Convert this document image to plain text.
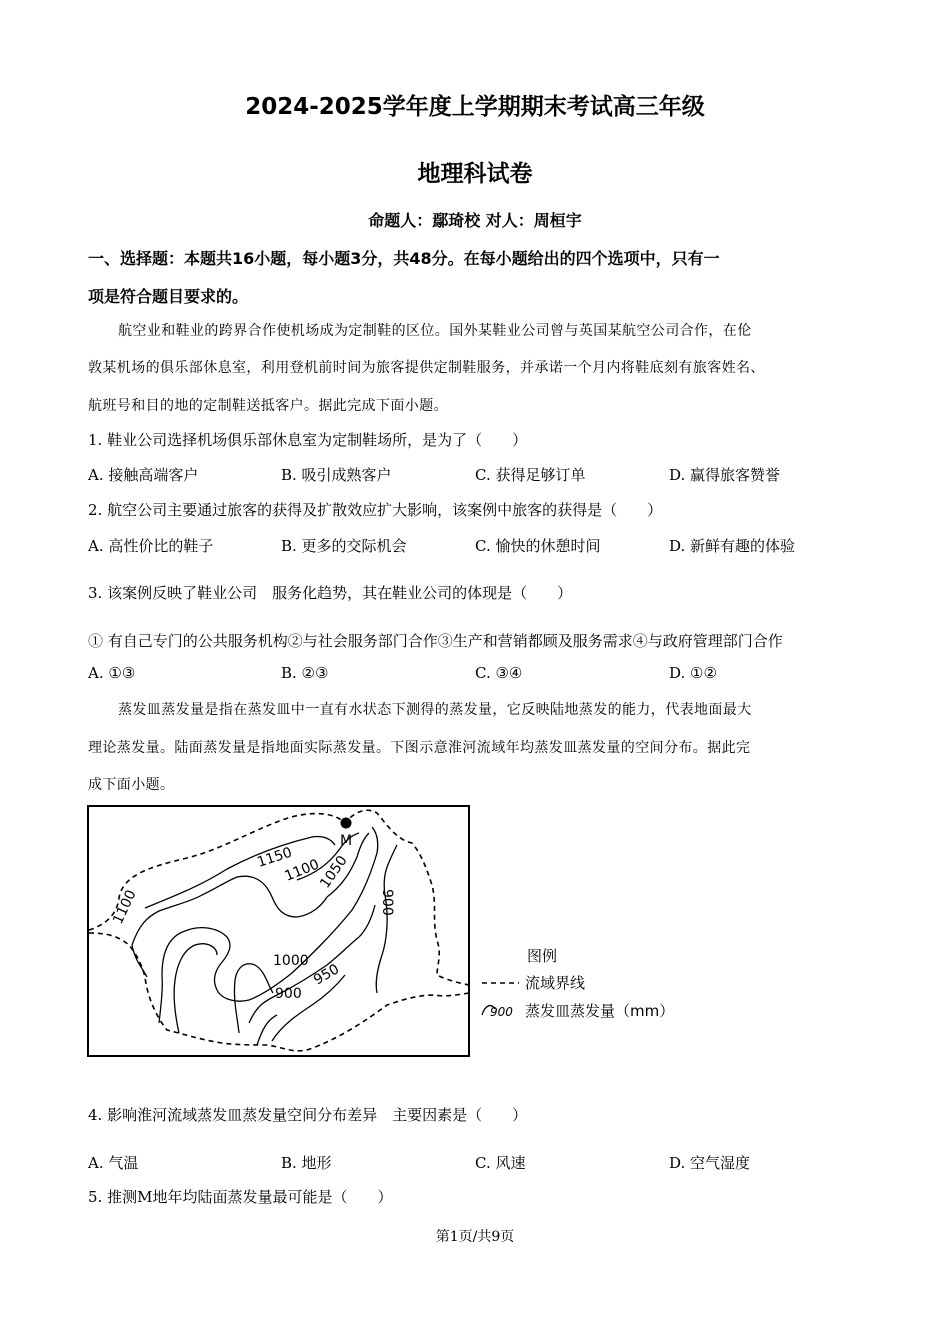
2024-2025学年度上学期期末考试高三年级
地理科试卷
命题人：鄢琦校 对人：周桓宇
一、选择题：本题共16小题，每小题3分，共48分。在每小题给出的四个选项中，只有一
项是符合题目要求的。
航空业和鞋业的跨界合作使机场成为定制鞋的区位。国外某鞋业公司曾与英国某航空公司合作，在伦
敦某机场的俱乐部休息室，利用登机前时间为旅客提供定制鞋服务，并承诺一个月内将鞋底刻有旅客姓名、
航班号和目的地的定制鞋送抵客户。据此完成下面小题。
1. 鞋业公司选择机场俱乐部休息室为定制鞋场所，是为了（　　）
A. 接触高端客户	B. 吸引成熟客户	C. 获得足够订单	D. 赢得旅客赞誉
2. 航空公司主要通过旅客的获得及扩散效应扩大影响，该案例中旅客的获得是（　　）
A. 高性价比的鞋子	B. 更多的交际机会	C. 愉快的休憩时间	D. 新鲜有趣的体验
3. 该案例反映了鞋业公司　服务化趋势，其在鞋业公司的体现是（　　）
① 有自己专门的公共服务机构②与社会服务部门合作③生产和营销都顾及服务需求④与政府管理部门合作
A. ①③	B. ②③	C. ③④	D. ①②
蒸发皿蒸发量是指在蒸发皿中一直有水状态下测得的蒸发量，它反映陆地蒸发的能力，代表地面最大
理论蒸发量。陆面蒸发量是指地面实际蒸发量。下图示意淮河流域年均蒸发皿蒸发量的空间分布。据此完
成下面小题。
M
1150
1100
1050
1100	900
1000
950
900
图例
流域界线
900 蒸发皿蒸发量（mm）
4. 影响淮河流域蒸发皿蒸发量空间分布差异　主要因素是（　　）
A. 气温	B. 地形	C. 风速	D. 空气湿度
5. 推测M地年均陆面蒸发量最可能是（　　）
第1页/共9页
